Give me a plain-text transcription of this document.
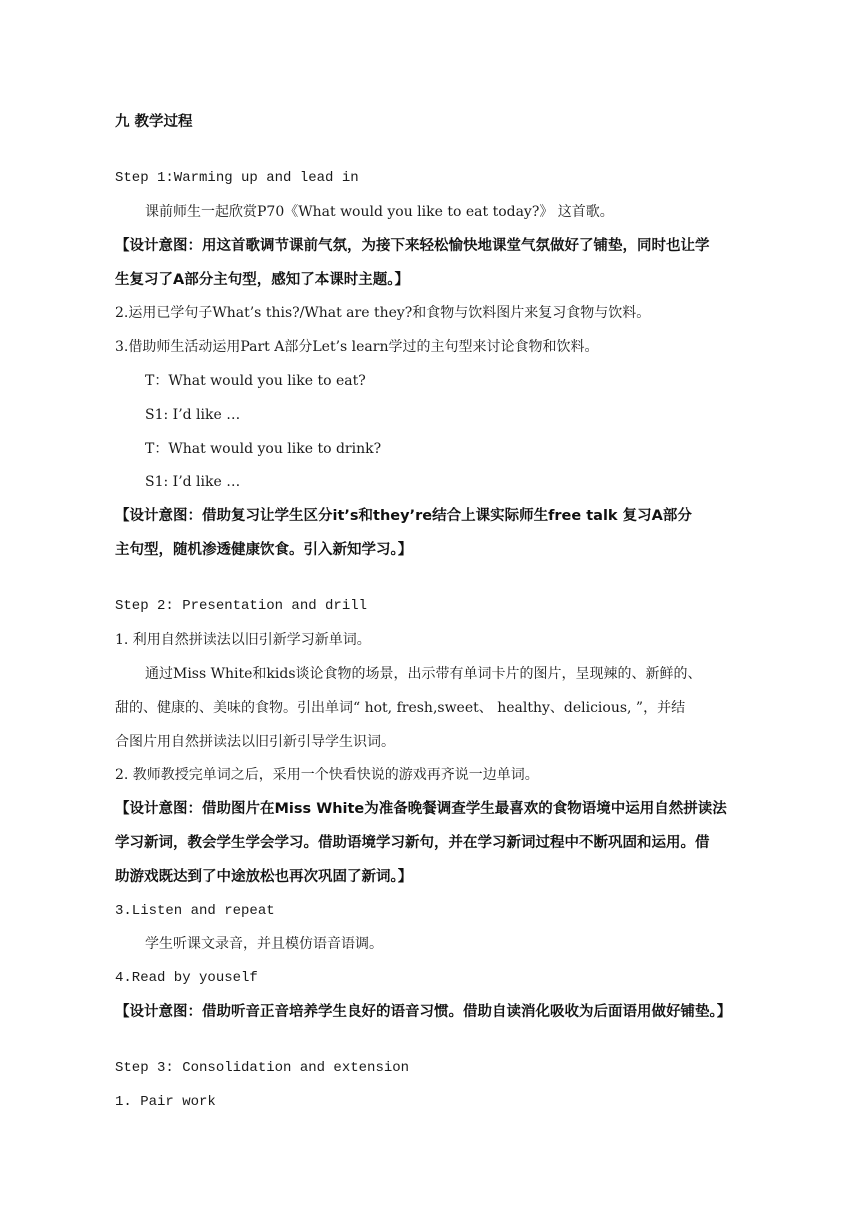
九 教学过程
Step 1:Warming up and lead in
课前师生一起欣赏P70《What would you like to eat today?》 这首歌。
【设计意图：用这首歌调节课前气氛，为接下来轻松愉快地课堂气氛做好了铺垫，同时也让学
生复习了A部分主句型，感知了本课时主题。】
2.运用已学句子What’s this?/What are they?和食物与饮料图片来复习食物与饮料。
3.借助师生活动运用Part A部分Let’s learn学过的主句型来讨论食物和饮料。
T：What would you like to eat?
S1: I’d like …
T：What would you like to drink?
S1: I’d like …
【设计意图：借助复习让学生区分it’s和they’re结合上课实际师生free talk 复习A部分
主句型，随机渗透健康饮食。引入新知学习。】
Step 2: Presentation and drill
1. 利用自然拼读法以旧引新学习新单词。
通过Miss White和kids谈论食物的场景，出示带有单词卡片的图片，呈现辣的、新鲜的、
甜的、健康的、美味的食物。引出单词“ hot, fresh,sweet、 healthy、delicious, ”，并结
合图片用自然拼读法以旧引新引导学生识词。
2. 教师教授完单词之后，采用一个快看快说的游戏再齐说一边单词。
【设计意图：借助图片在Miss White为准备晚餐调查学生最喜欢的食物语境中运用自然拼读法
学习新词，教会学生学会学习。借助语境学习新句，并在学习新词过程中不断巩固和运用。借
助游戏既达到了中途放松也再次巩固了新词。】
3.Listen and repeat
学生听课文录音，并且模仿语音语调。
4.Read by youself
【设计意图：借助听音正音培养学生良好的语音习惯。借助自读消化吸收为后面语用做好铺垫。】
Step 3: Consolidation and extension
1. Pair work
